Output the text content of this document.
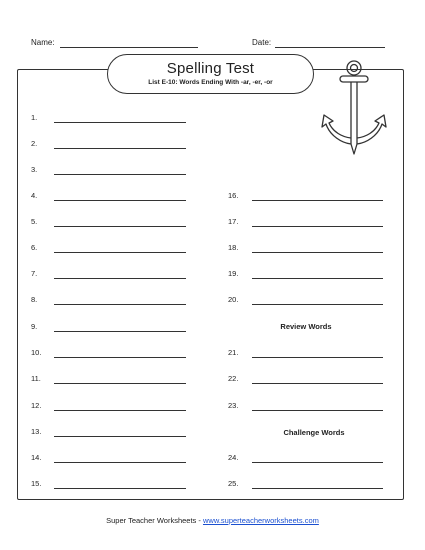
Name:	Date:
Spelling Test
List E-10: Words Ending With -ar, -er, -or
1.
2.
3.
4.
5.
6.
7.
8.
9.
10.
11.
12.
13.
14.
15.
16.
17.
18.
19.
20.
Review Words
21.
22.
23.
Challenge Words
24.
25.
Super Teacher Worksheets - www.superteacherworksheets.com
